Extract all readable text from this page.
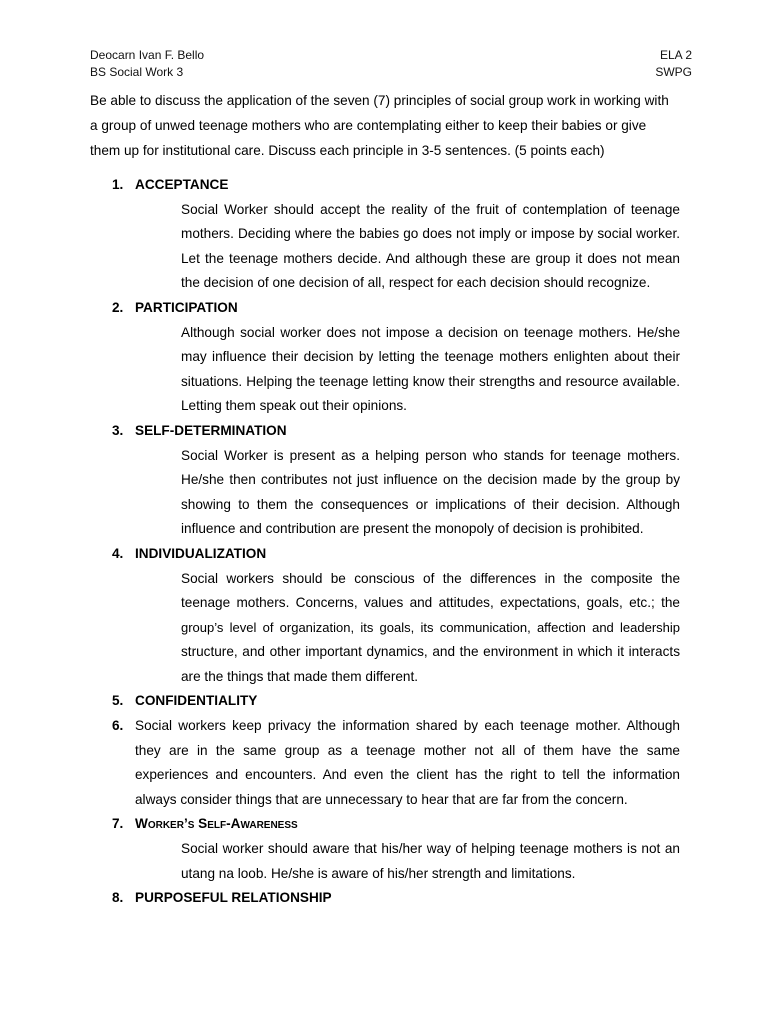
Deocarn Ivan F. Bello
BS Social Work 3
ELA 2
SWPG
Be able to discuss the application of the seven (7) principles of social group work in working with a group of unwed teenage mothers who are contemplating either to keep their babies or give them up for institutional care. Discuss each principle in 3-5 sentences. (5 points each)
1. ACCEPTANCE
Social Worker should accept the reality of the fruit of contemplation of teenage mothers. Deciding where the babies go does not imply or impose by social worker. Let the teenage mothers decide. And although these are group it does not mean the decision of one decision of all, respect for each decision should recognize.
2. PARTICIPATION
Although social worker does not impose a decision on teenage mothers. He/she may influence their decision by letting the teenage mothers enlighten about their situations. Helping the teenage letting know their strengths and resource available. Letting them speak out their opinions.
3. SELF-DETERMINATION
Social Worker is present as a helping person who stands for teenage mothers. He/she then contributes not just influence on the decision made by the group by showing to them the consequences or implications of their decision. Although influence and contribution are present the monopoly of decision is prohibited.
4. INDIVIDUALIZATION
Social workers should be conscious of the differences in the composite the teenage mothers. Concerns, values and attitudes, expectations, goals, etc.; the group’s level of organization, its goals, its communication, affection and leadership structure, and other important dynamics, and the environment in which it interacts are the things that made them different.
5. CONFIDENTIALITY
6. Social workers keep privacy the information shared by each teenage mother. Although they are in the same group as a teenage mother not all of them have the same experiences and encounters. And even the client has the right to tell the information always consider things that are unnecessary to hear that are far from the concern.
7. Worker’s Self-Awareness
Social worker should aware that his/her way of helping teenage mothers is not an utang na loob. He/she is aware of his/her strength and limitations.
8. PURPOSEFUL RELATIONSHIP
